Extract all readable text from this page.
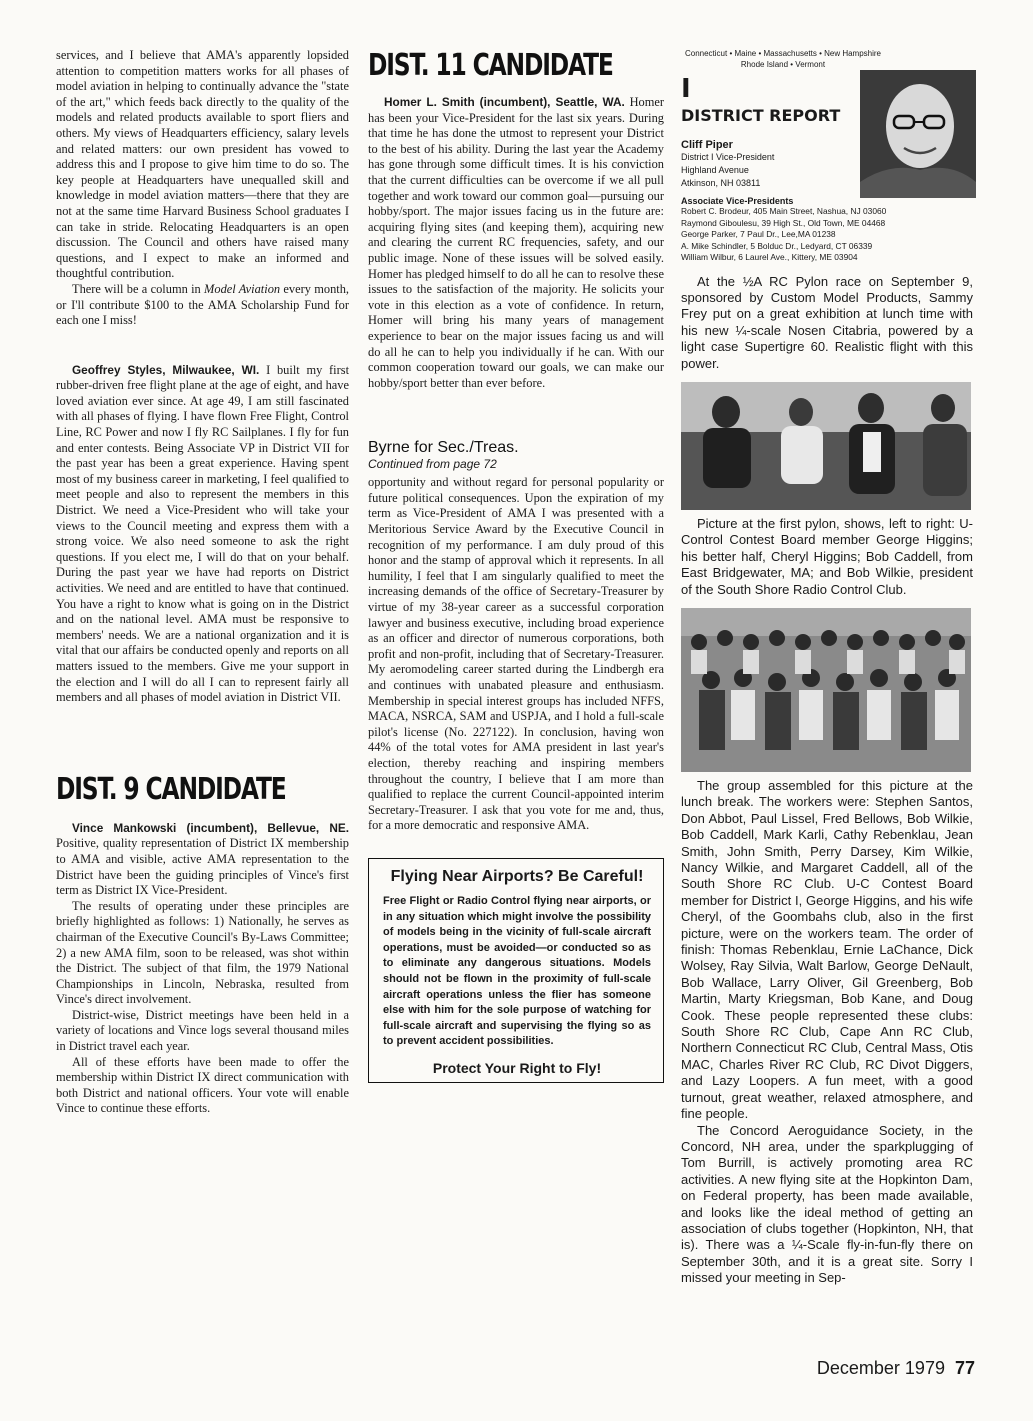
services, and I believe that AMA's apparently lopsided attention to competition matters works for all phases of model aviation in helping to continually advance the "state of the art," which feeds back directly to the quality of the models and related products available to sport fliers and others. My views of Headquarters efficiency, salary levels and related matters: our own president has vowed to address this and I propose to give him time to do so. The key people at Headquarters have unequalled skill and knowledge in model aviation matters—there that they are not at the same time Harvard Business School graduates I can take in stride. Relocating Headquarters is an open discussion. The Council and others have raised many questions, and I expect to make an informed and thoughtful contribution.

There will be a column in Model Aviation every month, or I'll contribute $100 to the AMA Scholarship Fund for each one I miss!

Geoffrey Styles, Milwaukee, WI. I built my first rubber-driven free flight plane at the age of eight, and have loved aviation ever since. At age 49, I am still fascinated with all phases of flying. I have flown Free Flight, Control Line, RC Power and now I fly RC Sailplanes. I fly for fun and enter contests. Being Associate VP in District VII for the past year has been a great experience. Having spent most of my business career in marketing, I feel qualified to meet people and also to represent the members in this District. We need a Vice-President who will take your views to the Council meeting and express them with a strong voice. We also need someone to ask the right questions. If you elect me, I will do that on your behalf. During the past year we have had reports on District activities. We need and are entitled to have that continued. You have a right to know what is going on in the District and on the national level. AMA must be responsive to members' needs. We are a national organization and it is vital that our affairs be conducted openly and reports on all matters issued to the members. Give me your support in the election and I will do all I can to represent fairly all members and all phases of model aviation in District VII.

DIST. 9 CANDIDATE

Vince Mankowski (incumbent), Bellevue, NE. Positive, quality representation of District IX membership to AMA and visible, active AMA representation to the District have been the guiding principles of Vince's first term as District IX Vice-President.

The results of operating under these principles are briefly highlighted as follows: 1) Nationally, he serves as chairman of the Executive Council's By-Laws Committee; 2) a new AMA film, soon to be released, was shot within the District. The subject of that film, the 1979 National Championships in Lincoln, Nebraska, resulted from Vince's direct involvement.

District-wise, District meetings have been held in a variety of locations and Vince logs several thousand miles in District travel each year.

All of these efforts have been made to offer the membership within District IX direct communication with both District and national officers. Your vote will enable Vince to continue these efforts.

DIST. 11 CANDIDATE

Homer L. Smith (incumbent), Seattle, WA. Homer has been your Vice-President for the last six years. During that time he has done the utmost to represent your District to the best of his ability. During the last year the Academy has gone through some difficult times. It is his conviction that the current difficulties can be overcome if we all pull together and work toward our common goal—pursuing our hobby/sport. The major issues facing us in the future are: acquiring flying sites (and keeping them), acquiring new and clearing the current RC frequencies, safety, and our public image. None of these issues will be solved easily. Homer has pledged himself to do all he can to resolve these issues to the satisfaction of the majority. He solicits your vote in this election as a vote of confidence. In return, Homer will bring his many years of management experience to bear on the major issues facing us and will do all he can to help you individually if he can. With our common cooperation toward our goals, we can make our hobby/sport better than ever before.

Byrne for Sec./Treas.
Continued from page 72

opportunity and without regard for personal popularity or future political consequences. Upon the expiration of my term as Vice-President of AMA I was presented with a Meritorious Service Award by the Executive Council in recognition of my performance. I am duly proud of this honor and the stamp of approval which it represents. In all humility, I feel that I am singularly qualified to meet the increasing demands of the office of Secretary-Treasurer by virtue of my 38-year career as a successful corporation lawyer and business executive, including broad experience as an officer and director of numerous corporations, both profit and non-profit, including that of Secretary-Treasurer. My aeromodeling career started during the Lindbergh era and continues with unabated pleasure and enthusiasm. Membership in special interest groups has included NFFS, MACA, NSRCA, SAM and USPJA, and I hold a full-scale pilot's license (No. 227122). In conclusion, having won 44% of the total votes for AMA president in last year's election, thereby reaching and inspiring members throughout the country, I believe that I am more than qualified to replace the current Council-appointed interim Secretary-Treasurer. I ask that you vote for me and, thus, for a more democratic and responsive AMA.

Flying Near Airports? Be Careful!
Free Flight or Radio Control flying near airports, or in any situation which might involve the possibility of models being in the vicinity of full-scale aircraft operations, must be avoided—or conducted so as to eliminate any dangerous situations. Models should not be flown in the proximity of full-scale aircraft operations unless the flier has someone else with him for the sole purpose of watching for full-scale aircraft and supervising the flying so as to prevent accident possibilities.
Protect Your Right to Fly!
Connecticut • Maine • Massachusetts • New Hampshire Rhode Island • Vermont
I
DISTRICT REPORT
Cliff Piper
District I Vice-President
Highland Avenue
Atkinson, NH 03811
Associate Vice-Presidents
Robert C. Brodeur, 405 Main Street, Nashua, NJ 03060
Raymond Giboulesu, 39 High St., Old Town, ME 04468
George Parker, 7 Paul Dr., Lee,MA 01238
A. Mike Schindler, 5 Bolduc Dr., Ledyard, CT 06339
William Wilbur, 6 Laurel Ave., Kittery, ME 03904

At the ½A RC Pylon race on September 9, sponsored by Custom Model Products, Sammy Frey put on a great exhibition at lunch time with his new ¼-scale Nosen Citabria, powered by a light case Supertigre 60. Realistic flight with this power.

Picture at the first pylon, shows, left to right: U-Control Contest Board member George Higgins; his better half, Cheryl Higgins; Bob Caddell, from East Bridgewater, MA; and Bob Wilkie, president of the South Shore Radio Control Club.

The group assembled for this picture at the lunch break. The workers were: Stephen Santos, Don Abbot, Paul Lissel, Fred Bellows, Bob Wilkie, Bob Caddell, Mark Karli, Cathy Rebenklau, Jean Smith, John Smith, Perry Darsey, Kim Wilkie, Nancy Wilkie, and Margaret Caddell, all of the South Shore RC Club. U-C Contest Board member for District I, George Higgins, and his wife Cheryl, of the Goombahs club, also in the first picture, were on the workers team. The order of finish: Thomas Rebenklau, Ernie LaChance, Dick Wolsey, Ray Silvia, Walt Barlow, George DeNault, Bob Wallace, Larry Oliver, Gil Greenberg, Bob Martin, Marty Kriegsman, Bob Kane, and Doug Cook. These people represented these clubs: South Shore RC Club, Cape Ann RC Club, Northern Connecticut RC Club, Central Mass, Otis MAC, Charles River RC Club, RC Divot Diggers, and Lazy Loopers. A fun meet, with a good turnout, great weather, relaxed atmosphere, and fine people.

The Concord Aeroguidance Society, in the Concord, NH area, under the sparkplugging of Tom Burrill, is actively promoting area RC activities. A new flying site at the Hopkinton Dam, on Federal property, has been made available, and looks like the ideal method of getting an association of clubs together (Hopkinton, NH, that is). There was a ¼-Scale fly-in-fun-fly there on September 30th, and it is a great site. Sorry I missed your meeting in Sep-

December 1979 77
